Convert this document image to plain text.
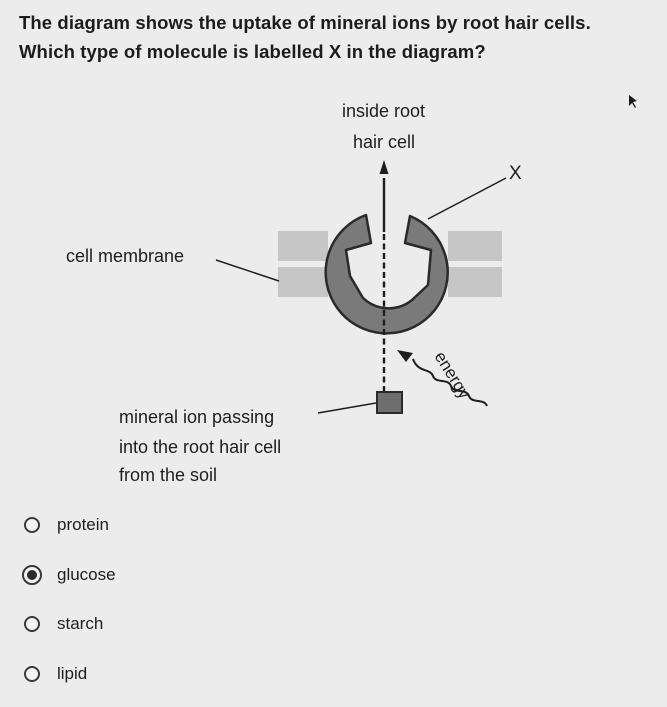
The diagram shows the uptake of mineral ions by root hair cells. Which type of molecule is labelled X in the diagram?

inside root
hair cell
X
cell membrane
energy
mineral ion passing
into the root hair cell
from the soil
protein
glucose
starch
lipid
